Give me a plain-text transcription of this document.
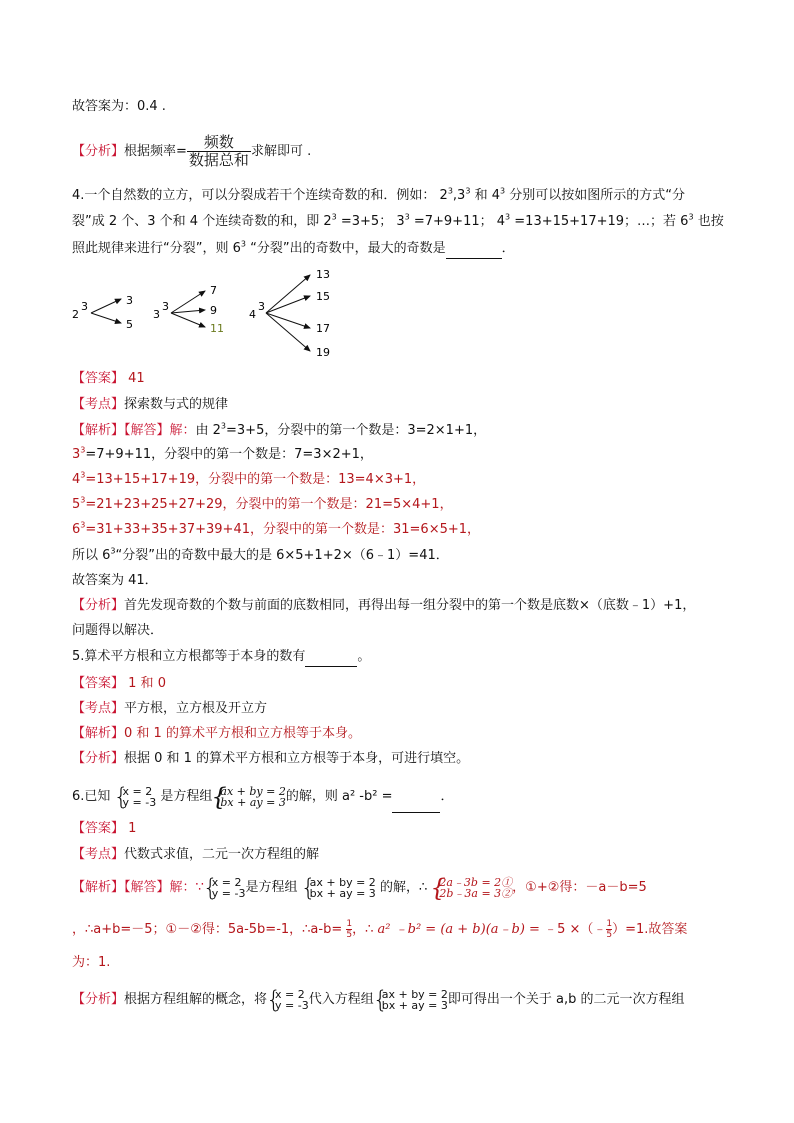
故答案为：0.4 .
【分析】根据频率= $\frac{\text{频数}}{\text{数据总和}}$ 求解即可 .
4.一个自然数的立方，可以分裂成若干个连续奇数的和．例如： $2^3,3^3$ 和 $4^3$ 分别可以按如图所示的方式“分
裂”成 2 个、3 个和 4 个连续奇数的和，即 $2^3 =3+5$； $3^3 =7+9+11$； $4^3 =13+15+17+19$；…；若 $6^3$ 也按
照此规律来进行“分裂”，则 $6^3$ “分裂”出的奇数中，最大的奇数是	．
2
3	3
5
3
3
7
9
11
4
3
13
15
17
19
【答案】 41
【考点】探索数与式的规律
【解析】【解答】解：由 $2^3=3+5$，分裂中的第一个数是：3=2×1+1，
$3^3=7+9+11$，分裂中的第一个数是：7=3×2+1，
$4^3=13+15+17+19$，分裂中的第一个数是：13=4×3+1，
$5^3=21+23+25+27+29$，分裂中的第一个数是：21=5×4+1，
$6^3=31+33+35+37+39+41$，分裂中的第一个数是：31=6×5+1，
所以 $6^3“$分裂”出的奇数中最大的是 6×5+1+2×（6﹣1）=41．
故答案为 41．
【分析】首先发现奇数的个数与前面的底数相同，再得出每一组分裂中的第一个数是底数×（底数﹣1）+1，
问题得以解决．
5.算术平方根和立方根都等于本身的数有	。
【答案】 1 和 0
【考点】平方根，立方根及开立方
【解析】0 和 1 的算术平方根和立方根等于本身。
【分析】根据 0 和 1 的算术平方根和立方根等于本身，可进行填空。
6.已知 { x = 2
y = -3 是方程组 { ax + by = 2
bx + ay = 3 的解，则 a² -b² =	．
【答案】 1
【考点】代数式求值，二元一次方程组的解
【解析】【解答】解：∵ { x = 2
y = -3 是方程组 { ax + by = 2
bx + ay = 3 的解，∴ { 2a﹣3b = 2①
2b﹣3a = 3② ，①+②得：－a－b=5
，∴a+b=－5；①－②得：5a-5b=-1，∴a-b= $\frac{1}{5}$，∴ a² ﹣b² = (a + b)(a﹣b) = ﹣5 ×（﹣ $\frac{1}{5})=1$.故答案
为：1.
【分析】根据方程组解的概念，将 { x = 2
y = -3 代入方程组 { ax + by = 2
bx + ay = 3 即可得出一个关于 a,b 的二元一次方程组
